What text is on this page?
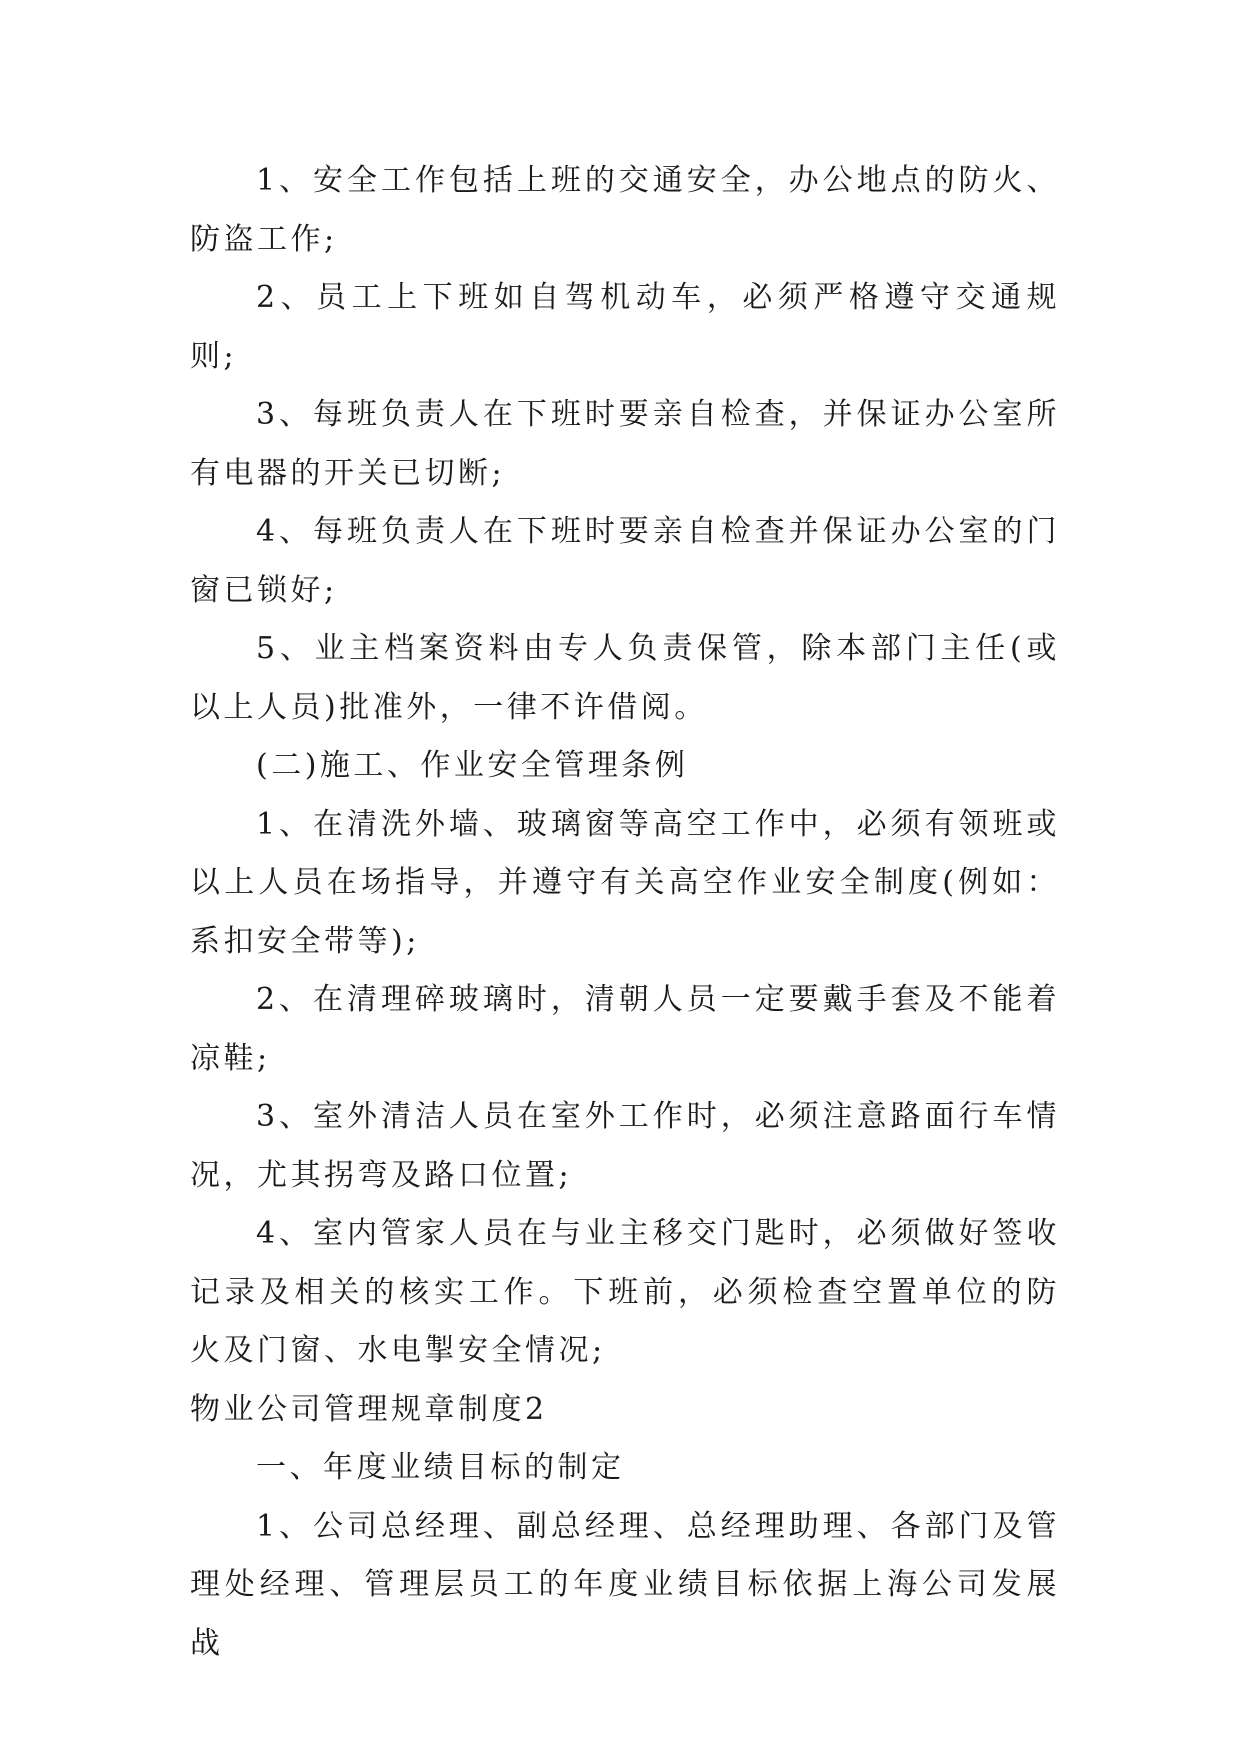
1、安全工作包括上班的交通安全，办公地点的防火、防盗工作;

2、员工上下班如自驾机动车，必须严格遵守交通规则;

3、每班负责人在下班时要亲自检查，并保证办公室所有电器的开关已切断;

4、每班负责人在下班时要亲自检查并保证办公室的门窗已锁好;

5、业主档案资料由专人负责保管，除本部门主任(或以上人员)批准外，一律不许借阅。

(二)施工、作业安全管理条例

1、在清洗外墙、玻璃窗等高空工作中，必须有领班或以上人员在场指导，并遵守有关高空作业安全制度(例如：系扣安全带等);

2、在清理碎玻璃时，清朝人员一定要戴手套及不能着凉鞋;

3、室外清洁人员在室外工作时，必须注意路面行车情况，尤其拐弯及路口位置;

4、室内管家人员在与业主移交门匙时，必须做好签收记录及相关的核实工作。下班前，必须检查空置单位的防火及门窗、水电掣安全情况;

物业公司管理规章制度2

一、年度业绩目标的制定

1、公司总经理、副总经理、总经理助理、各部门及管理处经理、管理层员工的年度业绩目标依据上海公司发展战
